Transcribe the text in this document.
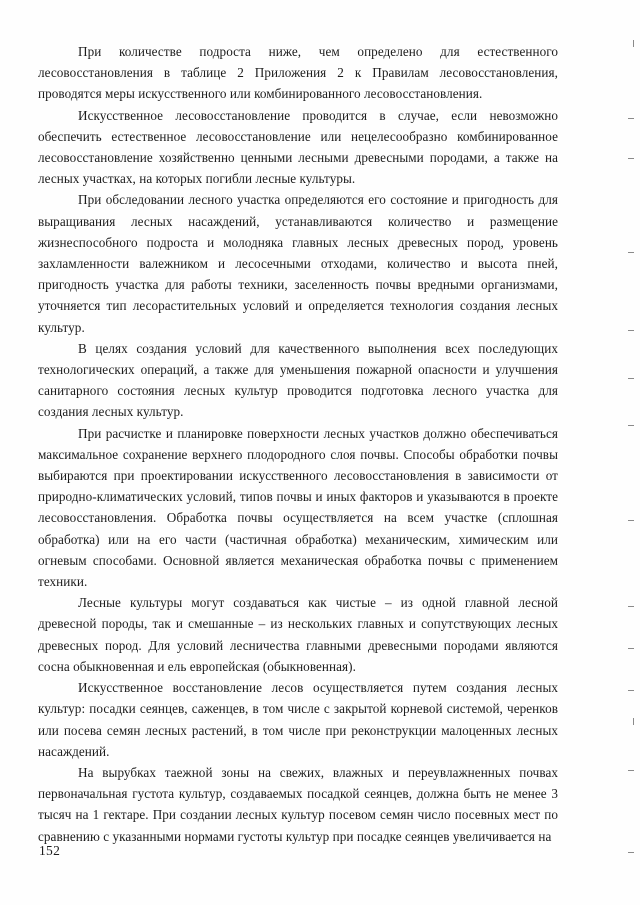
При количестве подроста ниже, чем определено для естественного лесовосстановления в таблице 2 Приложения 2 к Правилам лесовосстановления, проводятся меры искусственного или комбинированного лесовосстановления.

Искусственное лесовосстановление проводится в случае, если невозможно обеспечить естественное лесовосстановление или нецелесообразно комбинированное лесовосстановление хозяйственно ценными лесными древесными породами, а также на лесных участках, на которых погибли лесные культуры.

При обследовании лесного участка определяются его состояние и пригодность для выращивания лесных насаждений, устанавливаются количество и размещение жизнеспособного подроста и молодняка главных лесных древесных пород, уровень захламленности валежником и лесосечными отходами, количество и высота пней, пригодность участка для работы техники, заселенность почвы вредными организмами, уточняется тип лесорастительных условий и определяется технология создания лесных культур.

В целях создания условий для качественного выполнения всех последующих технологических операций, а также для уменьшения пожарной опасности и улучшения санитарного состояния лесных культур проводится подготовка лесного участка для создания лесных культур.

При расчистке и планировке поверхности лесных участков должно обеспечиваться максимальное сохранение верхнего плодородного слоя почвы. Способы обработки почвы выбираются при проектировании искусственного лесовосстановления в зависимости от природно-климатических условий, типов почвы и иных факторов и указываются в проекте лесовосстановления. Обработка почвы осуществляется на всем участке (сплошная обработка) или на его части (частичная обработка) механическим, химическим или огневым способами. Основной является механическая обработка почвы с применением техники.

Лесные культуры могут создаваться как чистые – из одной главной лесной древесной породы, так и смешанные – из нескольких главных и сопутствующих лесных древесных пород. Для условий лесничества главными древесными породами являются сосна обыкновенная и ель европейская (обыкновенная).

Искусственное восстановление лесов осуществляется путем создания лесных культур: посадки сеянцев, саженцев, в том числе с закрытой корневой системой, черенков или посева семян лесных растений, в том числе при реконструкции малоценных лесных насаждений.

На вырубках таежной зоны на свежих, влажных и переувлажненных почвах первоначальная густота культур, создаваемых посадкой сеянцев, должна быть не менее 3 тысяч на 1 гектаре. При создании лесных культур посевом семян число посевных мест по сравнению с указанными нормами густоты культур при посадке сеянцев увеличивается на

152
